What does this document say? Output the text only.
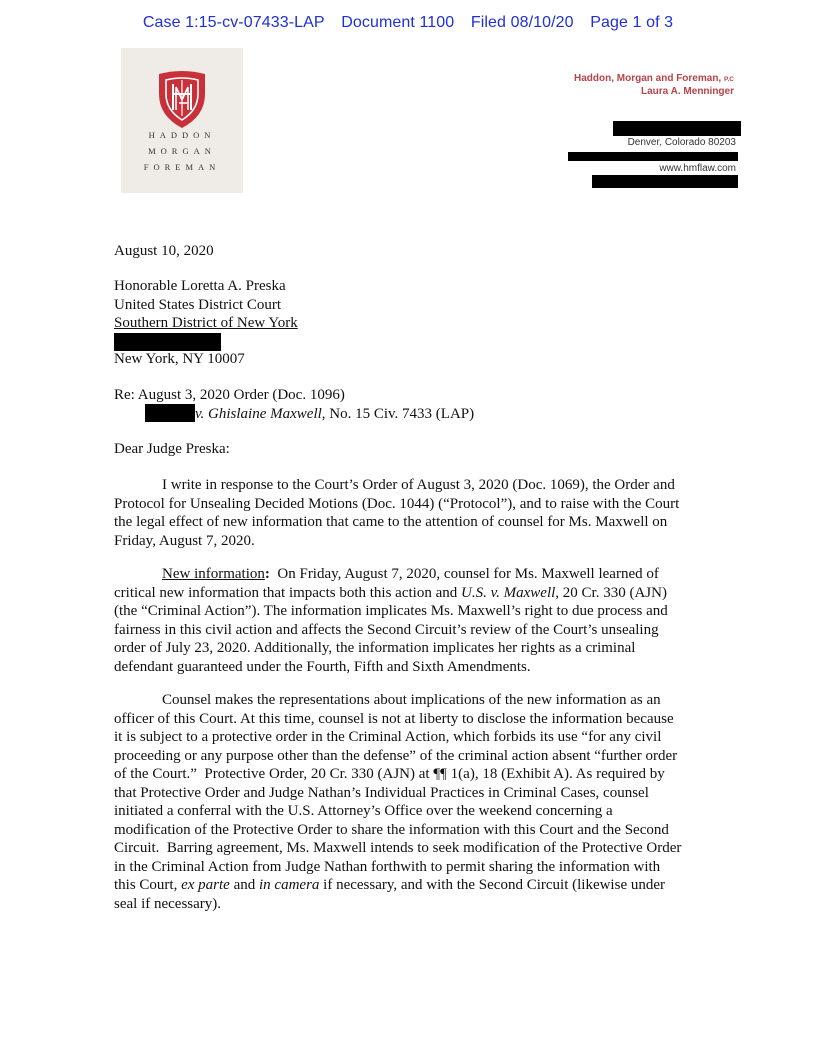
Case 1:15-cv-07433-LAP Document 1100 Filed 08/10/20 Page 1 of 3
HADDON
MORGAN
FOREMAN
Haddon, Morgan and Foreman, P.C
Laura A. Menninger
Denver, Colorado 80203
www.hmflaw.com
August 10, 2020
Honorable Loretta A. Preska
United States District Court
Southern District of New York
New York, NY 10007
Re: August 3, 2020 Order (Doc. 1096)
v. Ghislaine Maxwell, No. 15 Civ. 7433 (LAP)
Dear Judge Preska:
I write in response to the Court’s Order of August 3, 2020 (Doc. 1069), the Order and
Protocol for Unsealing Decided Motions (Doc. 1044) (“Protocol”), and to raise with the Court
the legal effect of new information that came to the attention of counsel for Ms. Maxwell on
Friday, August 7, 2020.
New information:  On Friday, August 7, 2020, counsel for Ms. Maxwell learned of
critical new information that impacts both this action and U.S. v. Maxwell, 20 Cr. 330 (AJN)
(the “Criminal Action”). The information implicates Ms. Maxwell’s right to due process and
fairness in this civil action and affects the Second Circuit’s review of the Court’s unsealing
order of July 23, 2020. Additionally, the information implicates her rights as a criminal
defendant guaranteed under the Fourth, Fifth and Sixth Amendments.
Counsel makes the representations about implications of the new information as an
officer of this Court. At this time, counsel is not at liberty to disclose the information because
it is subject to a protective order in the Criminal Action, which forbids its use “for any civil
proceeding or any purpose other than the defense” of the criminal action absent “further order
of the Court.”  Protective Order, 20 Cr. 330 (AJN) at ¶¶ 1(a), 18 (Exhibit A). As required by
that Protective Order and Judge Nathan’s Individual Practices in Criminal Cases, counsel
initiated a conferral with the U.S. Attorney’s Office over the weekend concerning a
modification of the Protective Order to share the information with this Court and the Second
Circuit.  Barring agreement, Ms. Maxwell intends to seek modification of the Protective Order
in the Criminal Action from Judge Nathan forthwith to permit sharing the information with
this Court, ex parte and in camera if necessary, and with the Second Circuit (likewise under
seal if necessary).
